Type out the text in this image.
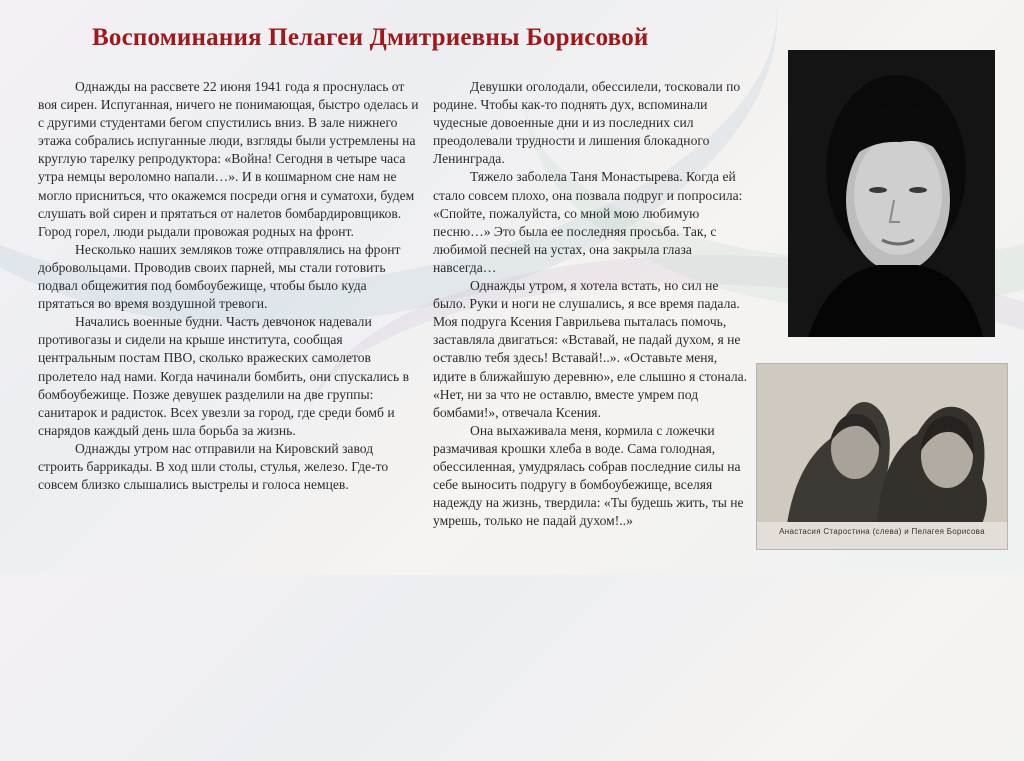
Воспоминания Пелагеи Дмитриевны Борисовой

Однажды на рассвете 22 июня 1941 года я проснулась от воя сирен. Испуганная, ничего не понимающая, быстро оделась и с другими студентами бегом спустились вниз. В зале нижнего этажа собрались испуганные люди, взгляды были устремлены на круглую тарелку репродуктора: «Война! Сегодня в четыре часа утра немцы вероломно напали…». И в кошмарном сне нам не могло присниться, что окажемся посреди огня и суматохи, будем слушать вой сирен и прятаться от налетов бомбардировщиков. Город горел, люди рыдали провожая родных на фронт.

Несколько наших земляков тоже отправлялись на фронт добровольцами. Проводив своих парней, мы стали готовить подвал общежития под бомбоубежище, чтобы было куда прятаться во время воздушной тревоги.

Начались военные будни. Часть девчонок надевали противогазы и сидели на крыше института, сообщая центральным постам ПВО, сколько вражеских самолетов пролетело над нами. Когда начинали бомбить, они спускались в бомбоубежище. Позже девушек разделили на две группы: санитарок и радисток. Всех увезли за город, где среди бомб и снарядов каждый день шла борьба за жизнь.

Однажды утром нас отправили на Кировский завод строить баррикады. В ход шли столы, стулья, железо. Где-то совсем близко слышались выстрелы и голоса немцев.

Девушки оголодали, обессилели, тосковали по родине. Чтобы как-то поднять дух, вспоминали чудесные довоенные дни и из последних сил преодолевали трудности и лишения блокадного Ленинграда.

Тяжело заболела Таня Монастырева. Когда ей стало совсем плохо, она позвала подруг и попросила: «Спойте, пожалуйста, со мной мою любимую песню…» Это была ее последняя просьба. Так, с любимой песней на устах, она закрыла глаза навсегда…

Однажды утром, я хотела встать, но сил не было. Руки и ноги не слушались, я все время падала. Моя подруга Ксения Гаврильева пыталась помочь, заставляла двигаться: «Вставай, не падай духом, я не оставлю тебя здесь! Вставай!..». «Оставьте меня, идите в ближайшую деревню», еле слышно я стонала. «Нет, ни за что не оставлю, вместе умрем под бомбами!», отвечала Ксения.

Она выхаживала меня, кормила с ложечки размачивая крошки хлеба в воде. Сама голодная, обессиленная, умудрялась собрав последние силы на себе выносить подругу в бомбоубежище, вселяя надежду на жизнь, твердила: «Ты будешь жить, ты не умрешь, только не падай духом!..»

Анастасия Старостина (слева) и Пелагея Борисова
